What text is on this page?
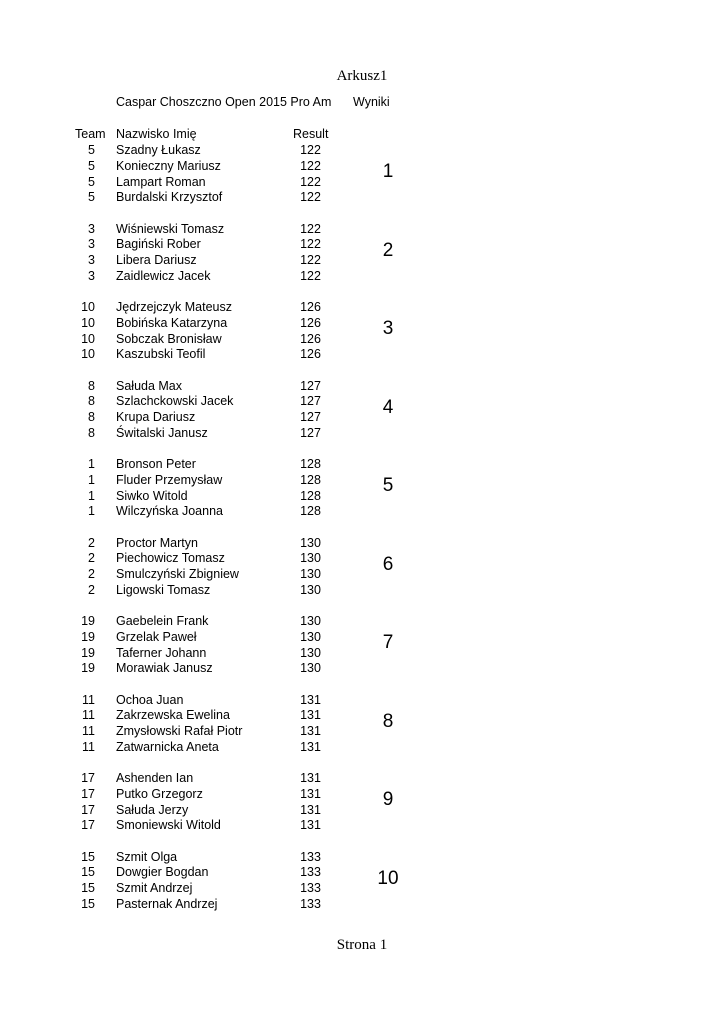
Arkusz1
Caspar Choszczno Open 2015 Pro Am Wyniki
Team Nazwisko Imię	Result
5 Szadny Łukasz	122
5 Konieczny Mariusz	122
5 Lampart Roman	122
5 Burdalski Krzysztof	122
1
3 Wiśniewski Tomasz	122
3 Bagiński Rober	122
3 Libera Dariusz	122
3 Zaidlewicz Jacek	122
2
10 Jędrzejczyk Mateusz	126
10 Bobińska Katarzyna	126
10 Sobczak Bronisław	126
10 Kaszubski Teofil	126
3
8 Sałuda Max	127
8 Szlachckowski Jacek	127
8 Krupa Dariusz	127
8 Świtalski Janusz	127
4
1 Bronson Peter	128
1 Fluder Przemysław	128
1 Siwko Witold	128
1 Wilczyńska Joanna	128
5
2 Proctor Martyn	130
2 Piechowicz Tomasz	130
2 Smulczyński Zbigniew	130
2 Ligowski Tomasz	130
6
19 Gaebelein Frank	130
19 Grzelak Paweł	130
19 Taferner Johann	130
19 Morawiak Janusz	130
7
11 Ochoa Juan	131
11 Zakrzewska Ewelina	131
11 Zmysłowski Rafał Piotr	131
11 Zatwarnicka Aneta	131
8
17 Ashenden Ian	131
17 Putko Grzegorz	131
17 Sałuda Jerzy	131
17 Smoniewski Witold	131
9
15 Szmit Olga	133
15 Dowgier Bogdan	133
15 Szmit Andrzej	133
15 Pasternak Andrzej	133
10
Strona 1
